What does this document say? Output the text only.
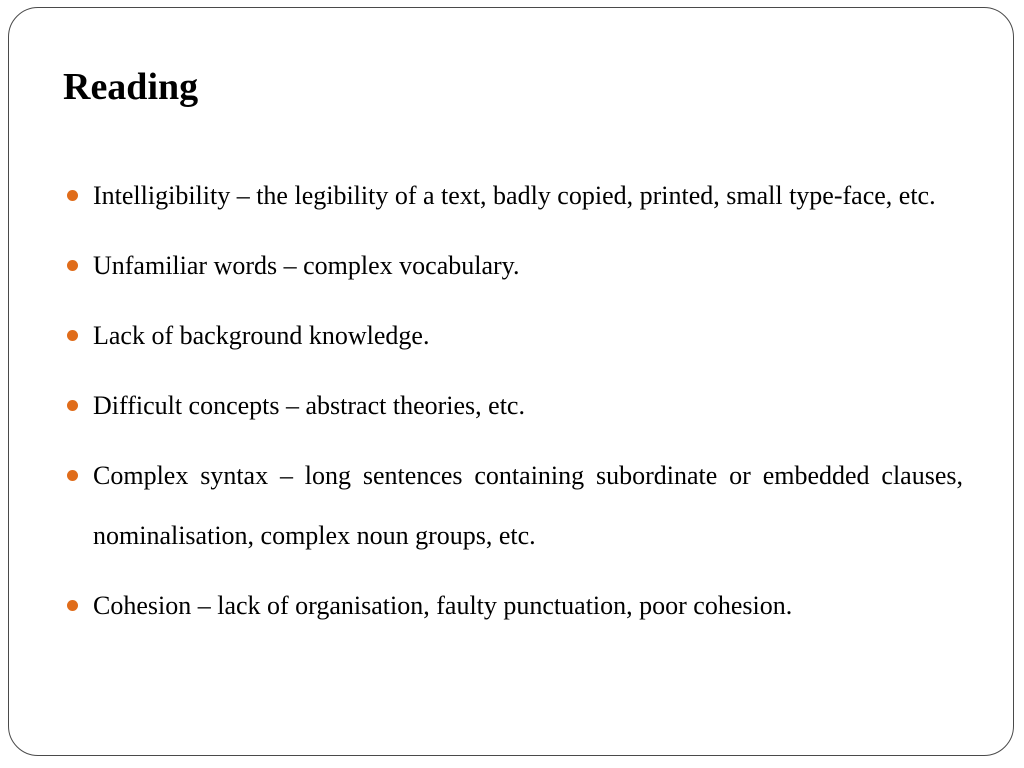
Reading
Intelligibility – the legibility of a text, badly copied, printed, small type-face, etc.
Unfamiliar words – complex vocabulary.
Lack of background knowledge.
Difficult concepts – abstract theories, etc.
Complex syntax – long sentences containing subordinate or embedded clauses, nominalisation, complex noun groups, etc.
Cohesion – lack of organisation, faulty punctuation, poor cohesion.
